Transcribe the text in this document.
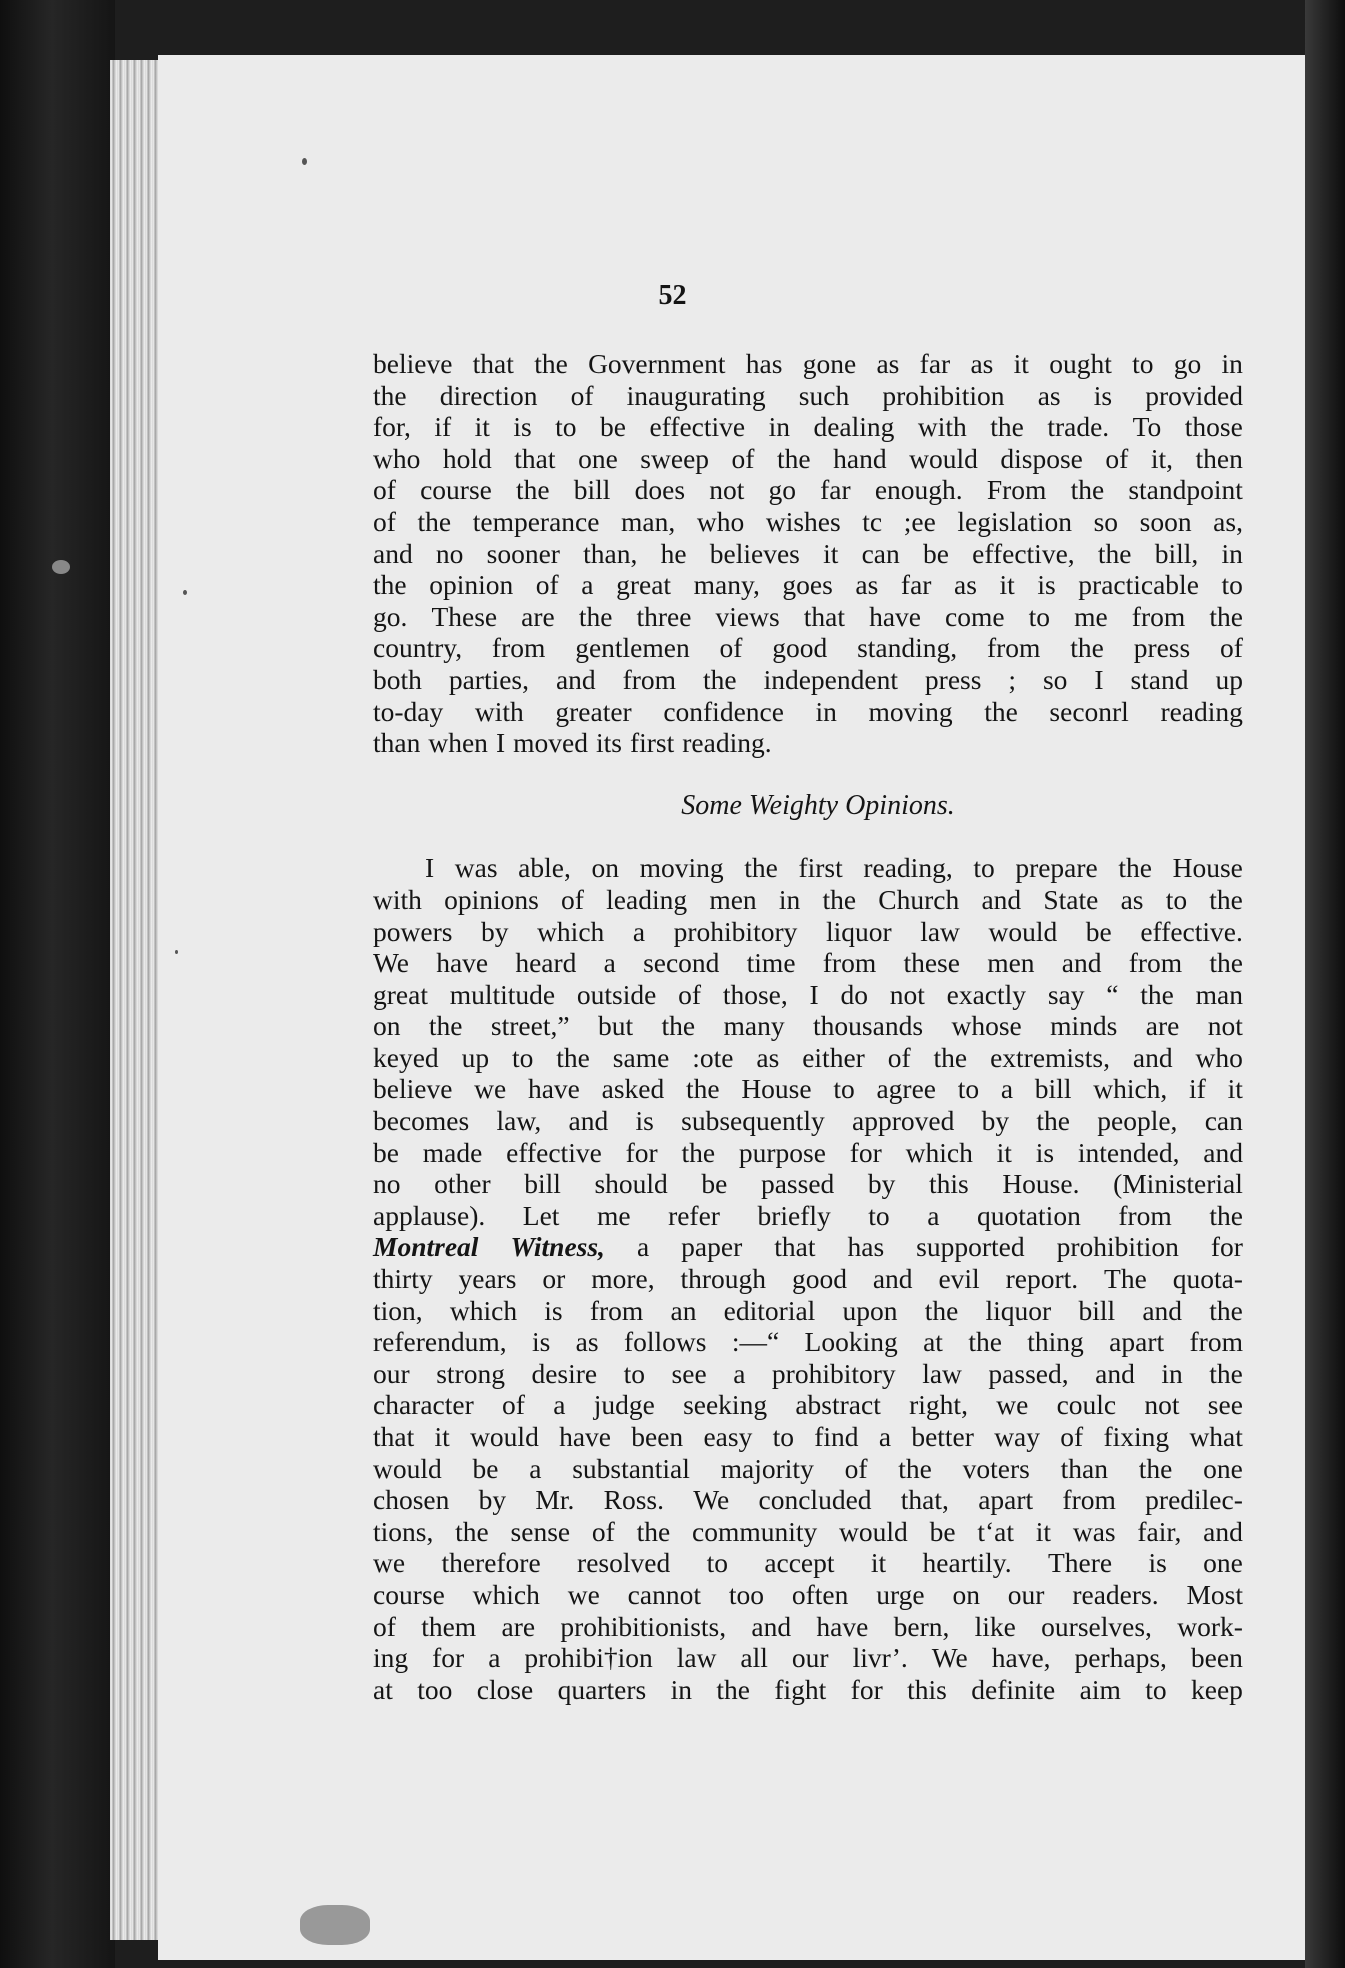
52
believe that the Government has gone as far as it ought to go in
the direction of inaugurating such prohibition as is provided
for, if it is to be effective in dealing with the trade. To those
who hold that one sweep of the hand would dispose of it, then
of course the bill does not go far enough. From the standpoint
of the temperance man, who wishes tc ;ee legislation so soon as,
and no sooner than, he believes it can be effective, the bill, in
the opinion of a great many, goes as far as it is practicable to
go. These are the three views that have come to me from the
country, from gentlemen of good standing, from the press of
both parties, and from the independent press ; so I stand up
to-day with greater confidence in moving the seconrl reading
than when I moved its first reading.
Some Weighty Opinions.
I was able, on moving the first reading, to prepare the House
with opinions of leading men in the Church and State as to the
powers by which a prohibitory liquor law would be effective.
We have heard a second time from these men and from the
great multitude outside of those, I do not exactly say “ the man
on the street,” but the many thousands whose minds are not
keyed up to the same :ote as either of the extremists, and who
believe we have asked the House to agree to a bill which, if it
becomes law, and is subsequently approved by the people, can
be made effective for the purpose for which it is intended, and
no other bill should be passed by this House. (Ministerial
applause). Let me refer briefly to a quotation from the
Montreal Witness, a paper that has supported prohibition for
thirty years or more, through good and evil report. The quota-
tion, which is from an editorial upon the liquor bill and the
referendum, is as follows :—“ Looking at the thing apart from
our strong desire to see a prohibitory law passed, and in the
character of a judge seeking abstract right, we coulc not see
that it would have been easy to find a better way of fixing what
would be a substantial majority of the voters than the one
chosen by Mr. Ross. We concluded that, apart from predilec-
tions, the sense of the community would be tʻat it was fair, and
we therefore resolved to accept it heartily. There is one
course which we cannot too often urge on our readers. Most
of them are prohibitionists, and have bern, like ourselves, work-
ing for a prohibi†ion law all our livr’. We have, perhaps, been
at too close quarters in the fight for this definite aim to keep
